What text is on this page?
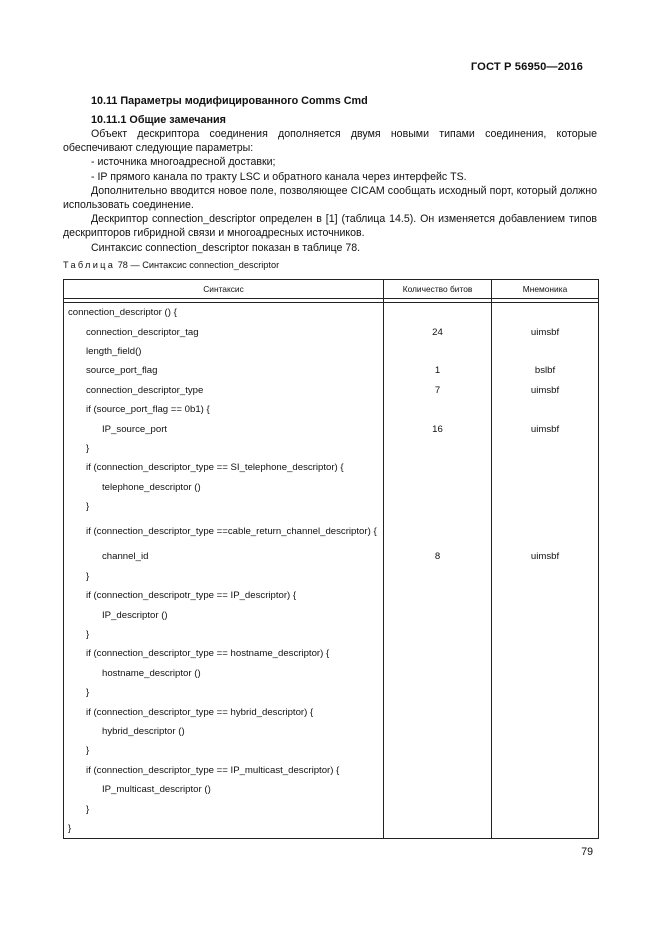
ГОСТ Р 56950—2016
10.11 Параметры модифицированного Comms Cmd
10.11.1 Общие замечания

Объект дескриптора соединения дополняется двумя новыми типами соединения, которые обеспечивают следующие параметры:

- источника многоадресной доставки;

- IP прямого канала по тракту LSC и обратного канала через интерфейс TS.

Дополнительно вводится новое поле, позволяющее CICAM сообщать исходный порт, который должно использовать соединение.

Дескриптор connection_descriptor определен в [1] (таблица 14.5). Он изменяется добавлением типов дескрипторов гибридной связи и многоадресных источников.

Синтаксис connection_descriptor показан в таблице 78.

Таблица 78 — Синтаксис connection_descriptor
Синтаксис	Количество битов	Мнемоника

connection_descriptor () {		
connection_descriptor_tag	24	uimsbf
length_field()		
source_port_flag	1	bslbf
connection_descriptor_type	7	uimsbf
if (source_port_flag == 0b1) {		
IP_source_port	16	uimsbf
}		
if (connection_descriptor_type == SI_telephone_descriptor) {		
telephone_descriptor ()		
}		
if (connection_descriptor_type ==cable_return_channel_descriptor) {		
channel_id	8	uimsbf
}		
if (connection_descripotr_type == IP_descriptor) {		
IP_descriptor ()		
}		
if (connection_descriptor_type == hostname_descriptor) {		
hostname_descriptor ()		
}		
if (connection_descriptor_type == hybrid_descriptor) {		
hybrid_descriptor ()		
}		
if (connection_descriptor_type == IP_multicast_descriptor) {		
IP_multicast_descriptor ()		
}		
}		
79
